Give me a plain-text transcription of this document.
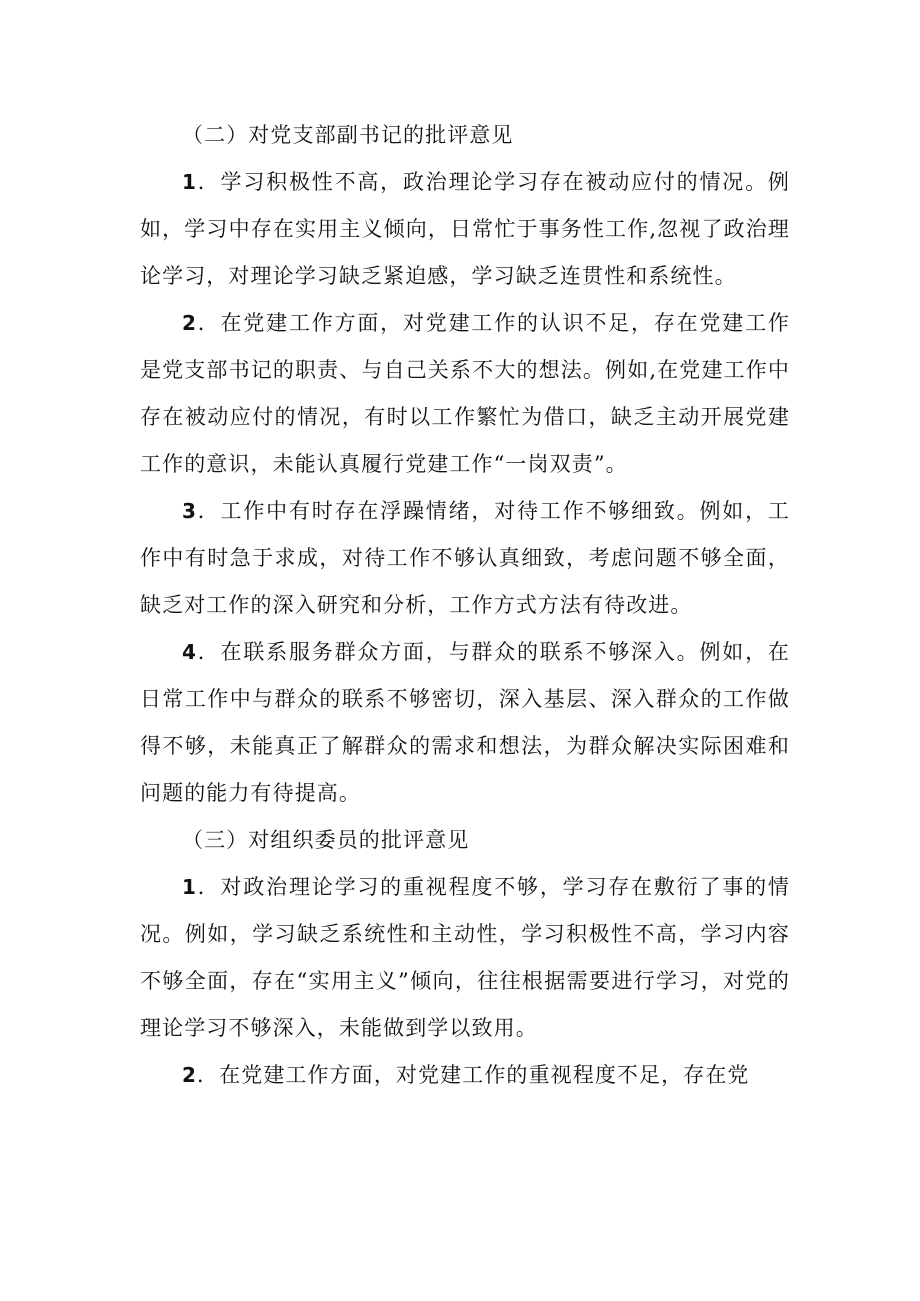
（二）对党支部副书记的批评意见

1．学习积极性不高，政治理论学习存在被动应付的情况。例如，学习中存在实用主义倾向，日常忙于事务性工作,忽视了政治理论学习，对理论学习缺乏紧迫感，学习缺乏连贯性和系统性。

2．在党建工作方面，对党建工作的认识不足，存在党建工作是党支部书记的职责、与自己关系不大的想法。例如,在党建工作中存在被动应付的情况，有时以工作繁忙为借口，缺乏主动开展党建工作的意识，未能认真履行党建工作“一岗双责”。

3．工作中有时存在浮躁情绪，对待工作不够细致。例如，工作中有时急于求成，对待工作不够认真细致，考虑问题不够全面，缺乏对工作的深入研究和分析，工作方式方法有待改进。

4．在联系服务群众方面，与群众的联系不够深入。例如，在日常工作中与群众的联系不够密切，深入基层、深入群众的工作做得不够，未能真正了解群众的需求和想法，为群众解决实际困难和问题的能力有待提高。

（三）对组织委员的批评意见

1．对政治理论学习的重视程度不够，学习存在敷衍了事的情况。例如，学习缺乏系统性和主动性，学习积极性不高，学习内容不够全面，存在“实用主义”倾向，往往根据需要进行学习，对党的理论学习不够深入，未能做到学以致用。

2．在党建工作方面，对党建工作的重视程度不足，存在党
